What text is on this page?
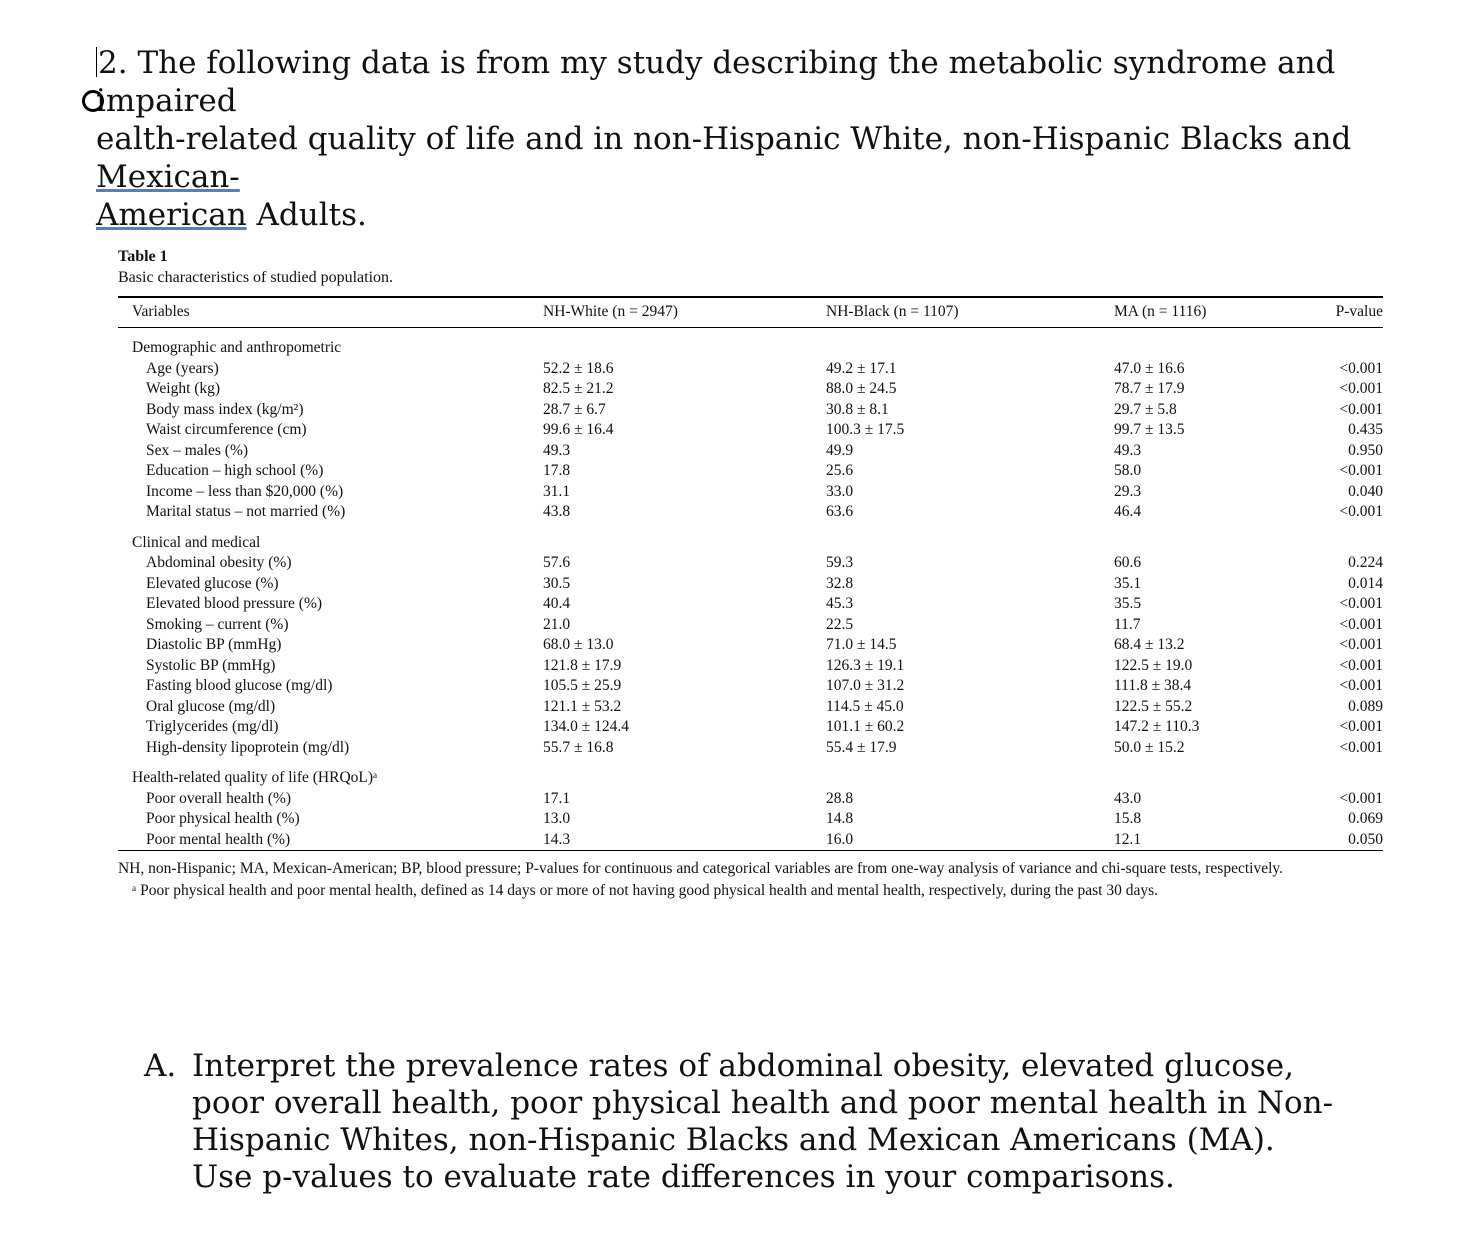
2. The following data is from my study describing the metabolic syndrome and impaired
ealth-related quality of life and in non-Hispanic White, non-Hispanic Blacks and Mexican-
American Adults.

Table 1

Basic characteristics of studied population.

Variables	NH-White (n = 2947)	NH-Black (n = 1107)	MA (n = 1116)	P-value
Demographic and anthropometric				
Age (years)	52.2 ± 18.6	49.2 ± 17.1	47.0 ± 16.6	<0.001
Weight (kg)	82.5 ± 21.2	88.0 ± 24.5	78.7 ± 17.9	<0.001
Body mass index (kg/m²)	28.7 ± 6.7	30.8 ± 8.1	29.7 ± 5.8	<0.001
Waist circumference (cm)	99.6 ± 16.4	100.3 ± 17.5	99.7 ± 13.5	0.435
Sex – males (%)	49.3	49.9	49.3	0.950
Education – high school (%)	17.8	25.6	58.0	<0.001
Income – less than $20,000 (%)	31.1	33.0	29.3	0.040
Marital status – not married (%)	43.8	63.6	46.4	<0.001
Clinical and medical				
Abdominal obesity (%)	57.6	59.3	60.6	0.224
Elevated glucose (%)	30.5	32.8	35.1	0.014
Elevated blood pressure (%)	40.4	45.3	35.5	<0.001
Smoking – current (%)	21.0	22.5	11.7	<0.001
Diastolic BP (mmHg)	68.0 ± 13.0	71.0 ± 14.5	68.4 ± 13.2	<0.001
Systolic BP (mmHg)	121.8 ± 17.9	126.3 ± 19.1	122.5 ± 19.0	<0.001
Fasting blood glucose (mg/dl)	105.5 ± 25.9	107.0 ± 31.2	111.8 ± 38.4	<0.001
Oral glucose (mg/dl)	121.1 ± 53.2	114.5 ± 45.0	122.5 ± 55.2	0.089
Triglycerides (mg/dl)	134.0 ± 124.4	101.1 ± 60.2	147.2 ± 110.3	<0.001
High-density lipoprotein (mg/dl)	55.7 ± 16.8	55.4 ± 17.9	50.0 ± 15.2	<0.001
Health-related quality of life (HRQoL)ᵃ				
Poor overall health (%)	17.1	28.8	43.0	<0.001
Poor physical health (%)	13.0	14.8	15.8	0.069
Poor mental health (%)	14.3	16.0	12.1	0.050

NH, non-Hispanic; MA, Mexican-American; BP, blood pressure; P-values for continuous and categorical variables are from one-way analysis of variance and chi-square tests, respectively.

ᵃ Poor physical health and poor mental health, defined as 14 days or more of not having good physical health and mental health, respectively, during the past 30 days.

A. Interpret the prevalence rates of abdominal obesity, elevated glucose, poor overall health, poor physical health and poor mental health in Non-Hispanic Whites, non-Hispanic Blacks and Mexican Americans (MA). Use p-values to evaluate rate differences in your comparisons.
